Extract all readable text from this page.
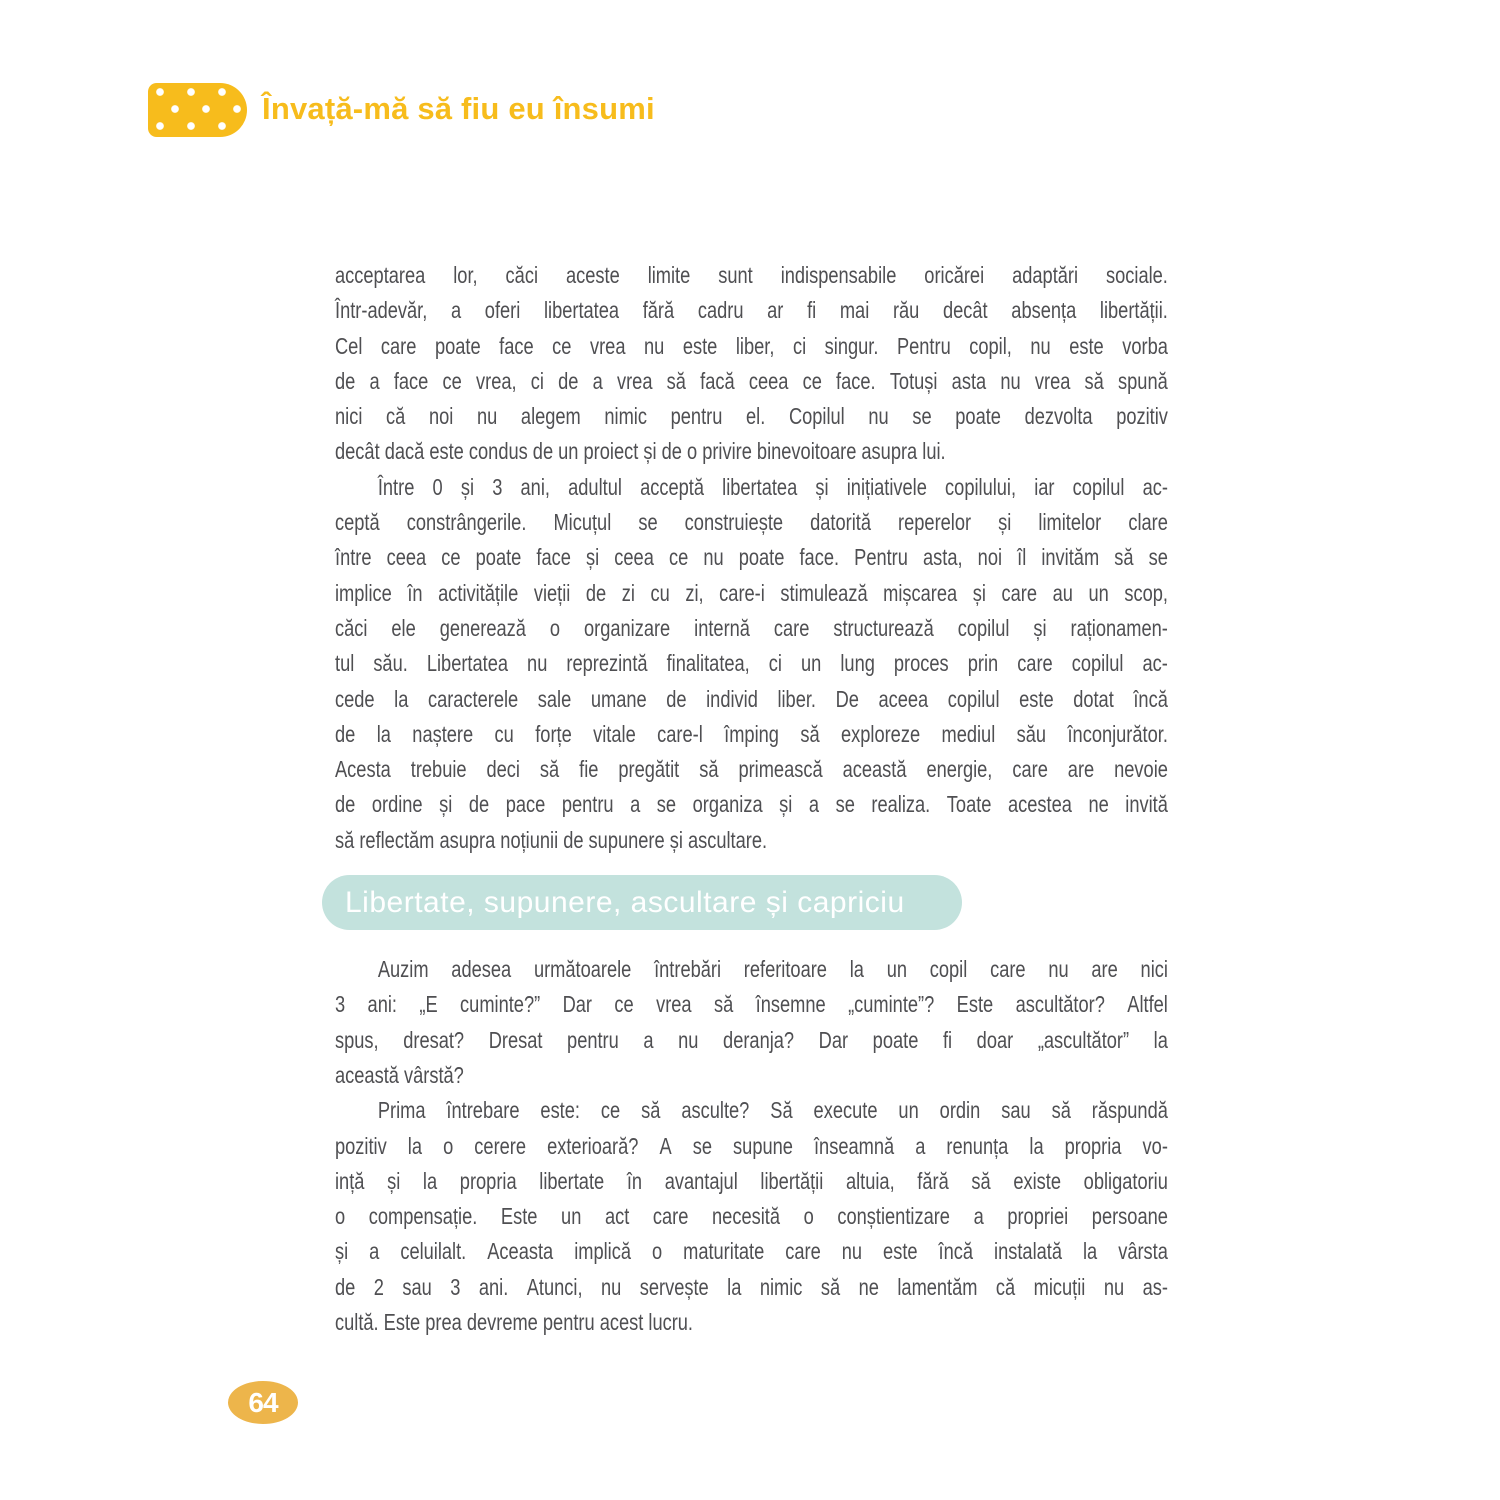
Învață-mă să fiu eu însumi
acceptarea lor, căci aceste limite sunt indispensabile oricărei adaptări sociale.
Într-adevăr, a oferi libertatea fără cadru ar fi mai rău decât absența libertății.
Cel care poate face ce vrea nu este liber, ci singur. Pentru copil, nu este vorba
de a face ce vrea, ci de a vrea să facă ceea ce face. Totuși asta nu vrea să spună
nici că noi nu alegem nimic pentru el. Copilul nu se poate dezvolta pozitiv
decât dacă este condus de un proiect și de o privire binevoitoare asupra lui.
Între 0 și 3 ani, adultul acceptă libertatea și inițiativele copilului, iar copilul ac-
ceptă constrângerile. Micuțul se construiește datorită reperelor și limitelor clare
între ceea ce poate face și ceea ce nu poate face. Pentru asta, noi îl invităm să se
implice în activitățile vieții de zi cu zi, care-i stimulează mișcarea și care au un scop,
căci ele generează o organizare internă care structurează copilul și raționamen-
tul său. Libertatea nu reprezintă finalitatea, ci un lung proces prin care copilul ac-
cede la caracterele sale umane de individ liber. De aceea copilul este dotat încă
de la naștere cu forțe vitale care-l împing să exploreze mediul său înconjurător.
Acesta trebuie deci să fie pregătit să primească această energie, care are nevoie
de ordine și de pace pentru a se organiza și a se realiza. Toate acestea ne invită
să reflectăm asupra noțiunii de supunere și ascultare.
Libertate, supunere, ascultare și capriciu
Auzim adesea următoarele întrebări referitoare la un copil care nu are nici
3 ani: „E cuminte?” Dar ce vrea să însemne „cuminte”? Este ascultător? Altfel
spus, dresat? Dresat pentru a nu deranja? Dar poate fi doar „ascultător” la
această vârstă?
Prima întrebare este: ce să asculte? Să execute un ordin sau să răspundă
pozitiv la o cerere exterioară? A se supune înseamnă a renunța la propria vo-
ință și la propria libertate în avantajul libertății altuia, fără să existe obligatoriu
o compensație. Este un act care necesită o conștientizare a propriei persoane
și a celuilalt. Aceasta implică o maturitate care nu este încă instalată la vârsta
de 2 sau 3 ani. Atunci, nu servește la nimic să ne lamentăm că micuții nu as-
cultă. Este prea devreme pentru acest lucru.
64
